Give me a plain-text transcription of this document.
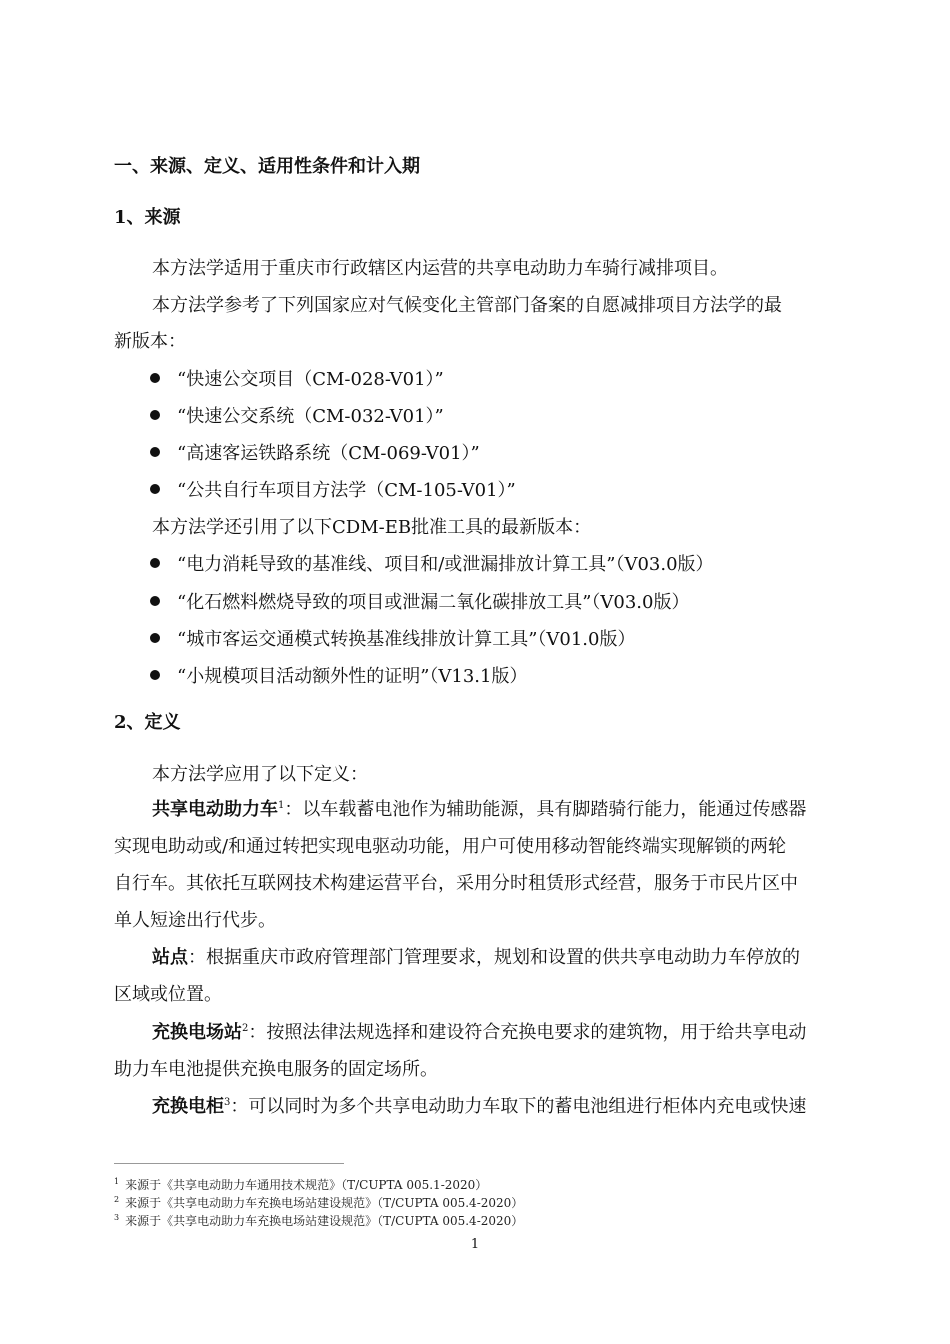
一、来源、定义、适用性条件和计入期
1、来源
本方法学适用于重庆市行政辖区内运营的共享电动助力车骑行减排项目。
本方法学参考了下列国家应对气候变化主管部门备案的自愿减排项目方法学的最
新版本：
“快速公交项目（CM-028-V01）”
“快速公交系统（CM-032-V01）”
“高速客运铁路系统（CM-069-V01）”
“公共自行车项目方法学（CM-105-V01）”
本方法学还引用了以下CDM-EB批准工具的最新版本：
“电力消耗导致的基准线、项目和/或泄漏排放计算工具”（V03.0版）
“化石燃料燃烧导致的项目或泄漏二氧化碳排放工具”（V03.0版）
“城市客运交通模式转换基准线排放计算工具”（V01.0版）
“小规模项目活动额外性的证明”（V13.1版）
2、定义
本方法学应用了以下定义：
共享电动助力车$^1$：以车载蓄电池作为辅助能源，具有脚踏骑行能力，能通过传感器
实现电助动或/和通过转把实现电驱动功能，用户可使用移动智能终端实现解锁的两轮
自行车。其依托互联网技术构建运营平台，采用分时租赁形式经营，服务于市民片区中
单人短途出行代步。
站点：根据重庆市政府管理部门管理要求，规划和设置的供共享电动助力车停放的
区域或位置。
充换电场站$^2$：按照法律法规选择和建设符合充换电要求的建筑物，用于给共享电动
助力车电池提供充换电服务的固定场所。
充换电柜$^3$：可以同时为多个共享电动助力车取下的蓄电池组进行柜体内充电或快速
$^1$ 来源于《共享电动助力车通用技术规范》（T/CUPTA 005.1-2020）
$^2$ 来源于《共享电动助力车充换电场站建设规范》（T/CUPTA 005.4-2020）
$^3$ 来源于《共享电动助力车充换电场站建设规范》（T/CUPTA 005.4-2020）
1
